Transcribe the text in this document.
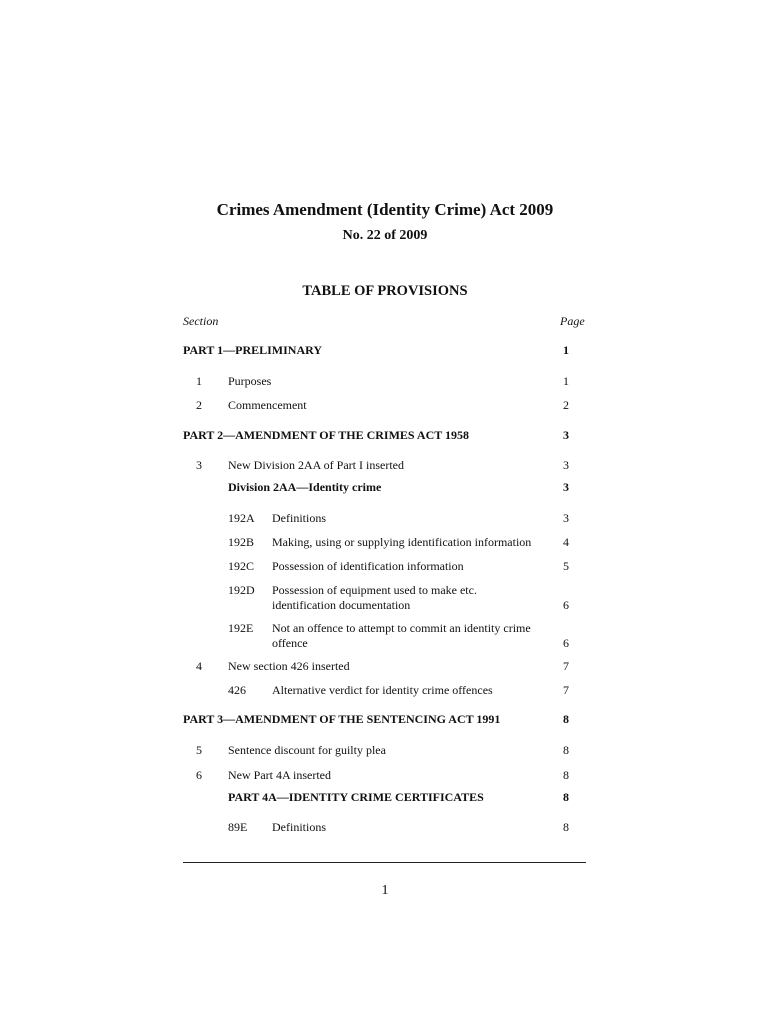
Crimes Amendment (Identity Crime) Act 2009
No. 22 of 2009
TABLE OF PROVISIONS
Section	Page
PART 1—PRELIMINARY	1
1	Purposes	1
2	Commencement	2
PART 2—AMENDMENT OF THE CRIMES ACT 1958	3
3	New Division 2AA of Part I inserted	3
Division 2AA—Identity crime	3
192A Definitions	3
192B Making, using or supplying identification information	4
192C Possession of identification information	5
192D Possession of equipment used to make etc. identification documentation	6
192E Not an offence to attempt to commit an identity crime offence	6
4	New section 426 inserted	7
426 Alternative verdict for identity crime offences	7
PART 3—AMENDMENT OF THE SENTENCING ACT 1991	8
5	Sentence discount for guilty plea	8
6	New Part 4A inserted	8
PART 4A—IDENTITY CRIME CERTIFICATES	8
89E Definitions	8
1
